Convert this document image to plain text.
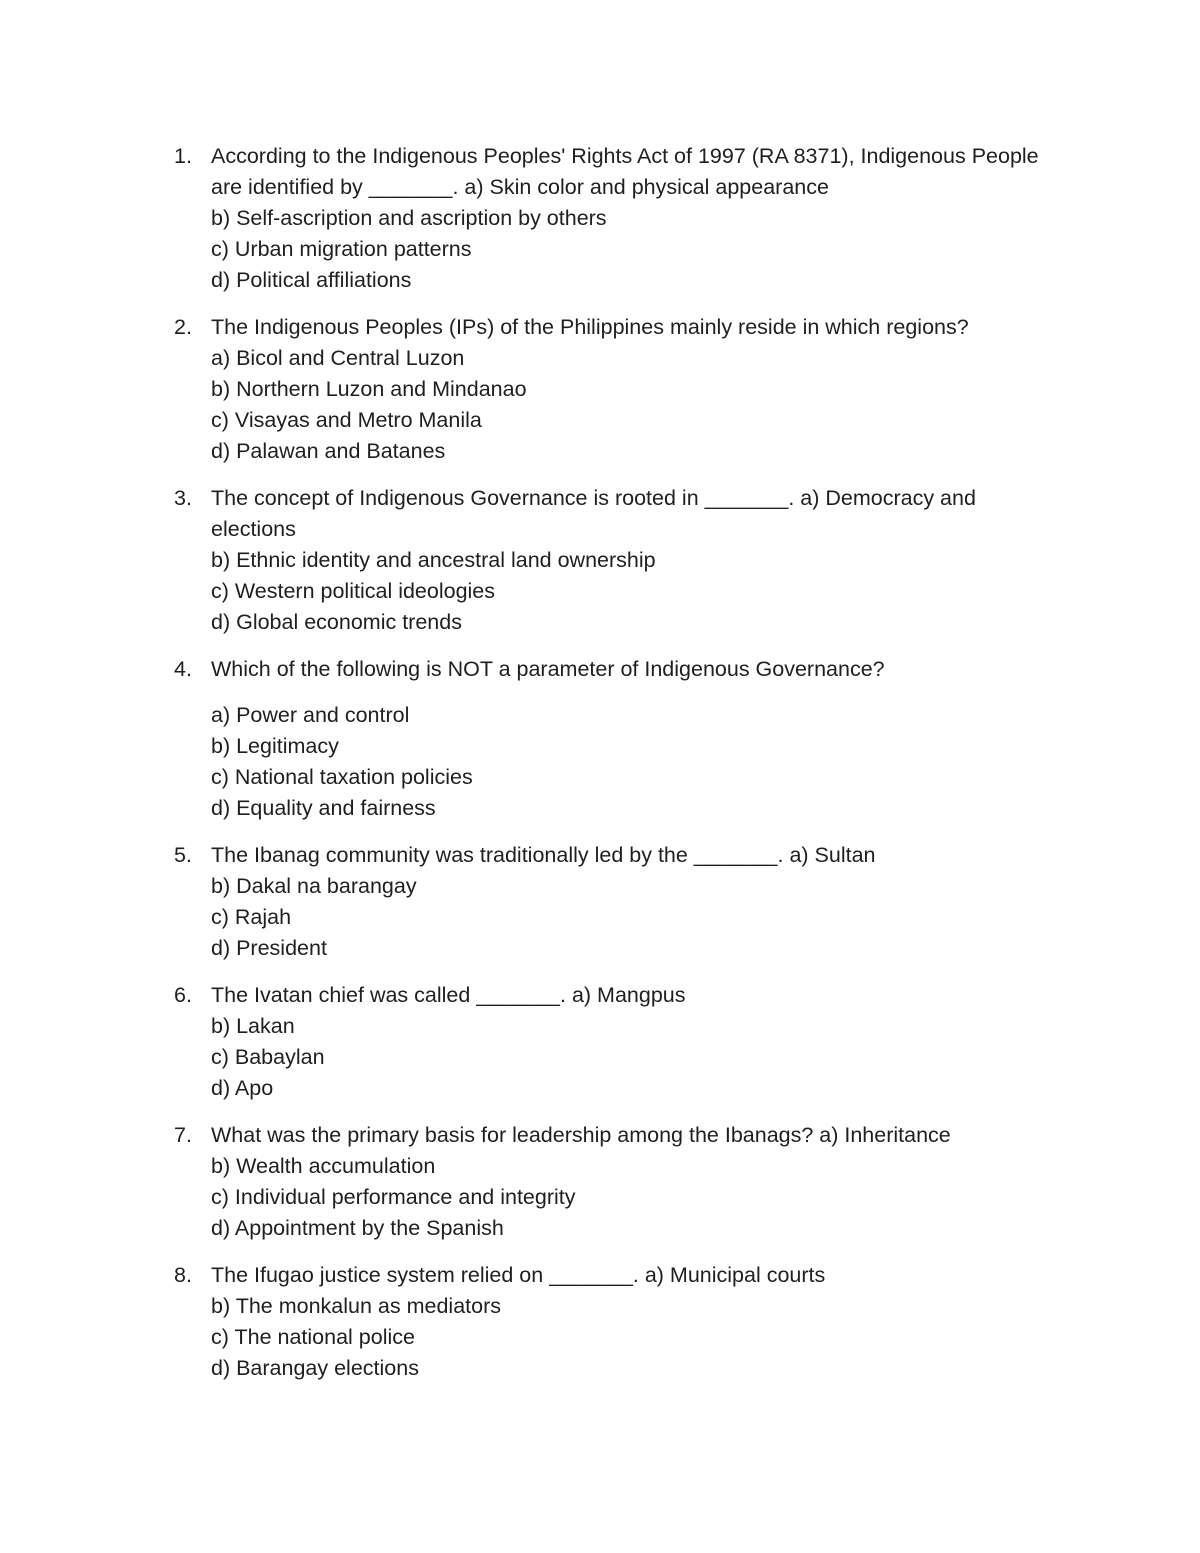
1. According to the Indigenous Peoples' Rights Act of 1997 (RA 8371), Indigenous People are identified by _______. a) Skin color and physical appearance
b) Self-ascription and ascription by others
c) Urban migration patterns
d) Political affiliations
2. The Indigenous Peoples (IPs) of the Philippines mainly reside in which regions?
a) Bicol and Central Luzon
b) Northern Luzon and Mindanao
c) Visayas and Metro Manila
d) Palawan and Batanes
3. The concept of Indigenous Governance is rooted in _______. a) Democracy and elections
b) Ethnic identity and ancestral land ownership
c) Western political ideologies
d) Global economic trends
4. Which of the following is NOT a parameter of Indigenous Governance?
a) Power and control
b) Legitimacy
c) National taxation policies
d) Equality and fairness
5. The Ibanag community was traditionally led by the _______. a) Sultan
b) Dakal na barangay
c) Rajah
d) President
6. The Ivatan chief was called _______. a) Mangpus
b) Lakan
c) Babaylan
d) Apo
7. What was the primary basis for leadership among the Ibanags? a) Inheritance
b) Wealth accumulation
c) Individual performance and integrity
d) Appointment by the Spanish
8. The Ifugao justice system relied on _______. a) Municipal courts
b) The monkalun as mediators
c) The national police
d) Barangay elections
